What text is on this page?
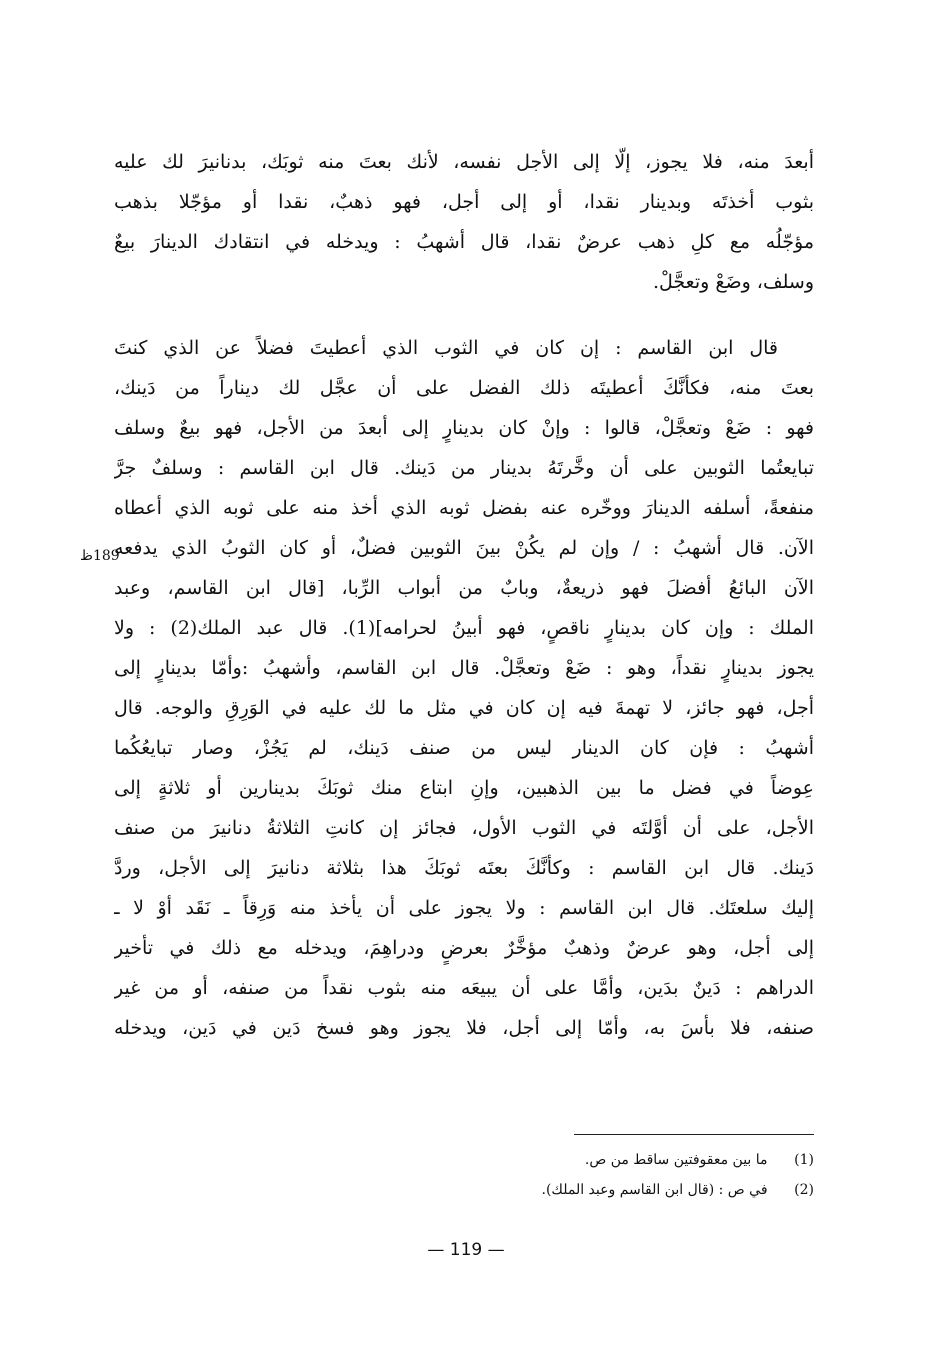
أبعدَ منه، فلا يجوز، إلّا إلى الأجل نفسه، لأنك بعتَ منه ثوبَك، بدنانيرَ لك عليه
بثوب أخذتَه وبدينار نقدا، أو إلى أجل، فهو ذهبٌ، نقدا أو مؤجّلا بذهب
مؤجّلُه مع كلِ ذهب عرضٌ نقدا، قال أشهبُ : ويدخله في انتقادك الدينارَ بيعٌ
وسلف، وضَعْ وتعجَّلْ.
قال ابن القاسم : إن كان في الثوب الذي أعطيتَ فضلاً عن الذي كنتَ
بعتَ منه، فكأنَّكَ أعطيتَه ذلك الفضل على أن عجَّل لك ديناراً من دَينك،
فهو : ضَعْ وتعجَّلْ، قالوا : وإنْ كان بدينارٍ إلى أبعدَ من الأجل، فهو بيعٌ وسلف
تبايعتُما الثوبين على أن وخَّرتَهُ بدينار من دَينك. قال ابن القاسم : وسلفٌ جرَّ
منفعةً، أسلفه الدينارَ ووخّره عنه بفضل ثوبه الذي أخذ منه على ثوبه الذي أعطاه
الآن. قال أشهبُ : / وإن لم يكُنْ بينَ الثوبين فضلٌ، أو كان الثوبُ الذي يدفعه
الآن البائعُ أفضلَ فهو ذريعةٌ، وبابٌ من أبواب الرِّبا، [قال ابن القاسم، وعبد
الملك : وإن كان بدينارٍ ناقصٍ، فهو أبينُ لحرامه](1). قال عبد الملك(2) : ولا
يجوز بدينارٍ نقداً، وهو : ضَعْ وتعجَّلْ. قال ابن القاسم، وأشهبُ :وأمّا بدينارٍ إلى
أجل، فهو جائز، لا تهمةَ فيه إن كان في مثل ما لك عليه في الوَرِقِ والوجه. قال
أشهبُ : فإن كان الدينار ليس من صنف دَينك، لم يَجُزْ، وصار تبايعُكُما
عِوضاً في فضل ما بين الذهبين، وإنِ ابتاع منك ثوبَكَ بدينارين أو ثلاثةٍ إلى
الأجل، على أن أوَّلتَه في الثوب الأول، فجائز إن كانتِ الثلاثةُ دنانيرَ من صنف
دَينك. قال ابن القاسم : وكأنَّكَ بعتَه ثوبَكَ هذا بثلاثة دنانيرَ إلى الأجل، وردَّ
إليك سلعتَك. قال ابن القاسم : ولا يجوز على أن يأخذ منه وَرِقاً ـ نَقَد أوْ لا ـ
إلى أجل، وهو عرضٌ وذهبٌ مؤخَّرٌ بعرضٍ ودراهِمَ، ويدخله مع ذلك في تأخير
الدراهم : دَينٌ بدَين، وأمَّا على أن يبيعَه منه بثوب نقداً من صنفه، أو من غير
صنفه، فلا بأسَ به، وأمّا إلى أجل، فلا يجوز وهو فسخ دَين في دَين، ويدخله
189ظ
(1) ما بين معقوفتين ساقط من ص.
(2) في ص : (قال ابن القاسم وعبد الملك).
— 119 —
